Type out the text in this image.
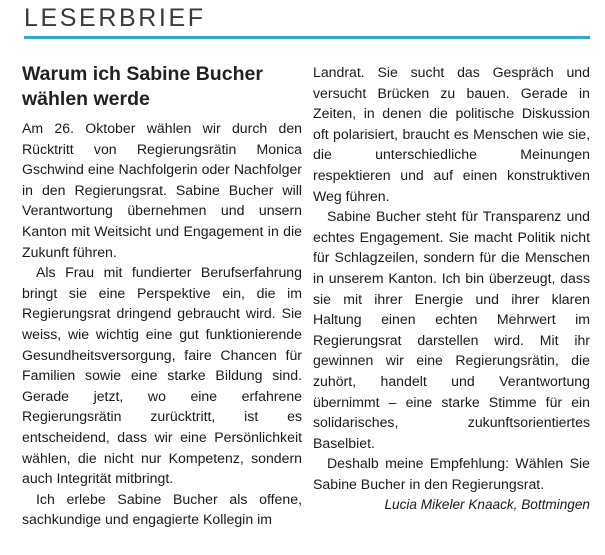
LESERBRIEF
Warum ich Sabine Bucher wählen werde

Am 26. Oktober wählen wir durch den Rücktritt von Regierungsrätin Monica Gschwind eine Nachfolgerin oder Nachfolger in den Regierungsrat. Sabine Bucher will Verantwortung übernehmen und unsern Kanton mit Weitsicht und Engagement in die Zukunft führen.

Als Frau mit fundierter Berufserfahrung bringt sie eine Perspektive ein, die im Regierungsrat dringend gebraucht wird. Sie weiss, wie wichtig eine gut funktionierende Gesundheitsversorgung, faire Chancen für Familien sowie eine starke Bildung sind. Gerade jetzt, wo eine erfahrene Regierungsrätin zurücktritt, ist es entscheidend, dass wir eine Persönlichkeit wählen, die nicht nur Kompetenz, sondern auch Integrität mitbringt.

Ich erlebe Sabine Bucher als offene, sachkundige und engagierte Kollegin im

Landrat. Sie sucht das Gespräch und versucht Brücken zu bauen. Gerade in Zeiten, in denen die politische Diskussion oft polarisiert, braucht es Menschen wie sie, die unterschiedliche Meinungen respektieren und auf einen konstruktiven Weg führen.

Sabine Bucher steht für Transparenz und echtes Engagement. Sie macht Politik nicht für Schlagzeilen, sondern für die Menschen in unserem Kanton. Ich bin überzeugt, dass sie mit ihrer Energie und ihrer klaren Haltung einen echten Mehrwert im Regierungsrat darstellen wird. Mit ihr gewinnen wir eine Regierungsrätin, die zuhört, handelt und Verantwortung übernimmt – eine starke Stimme für ein solidarisches, zukunftsorientiertes Baselbiet.

Deshalb meine Empfehlung: Wählen Sie Sabine Bucher in den Regierungsrat.

Lucia Mikeler Knaack, Bottmingen
